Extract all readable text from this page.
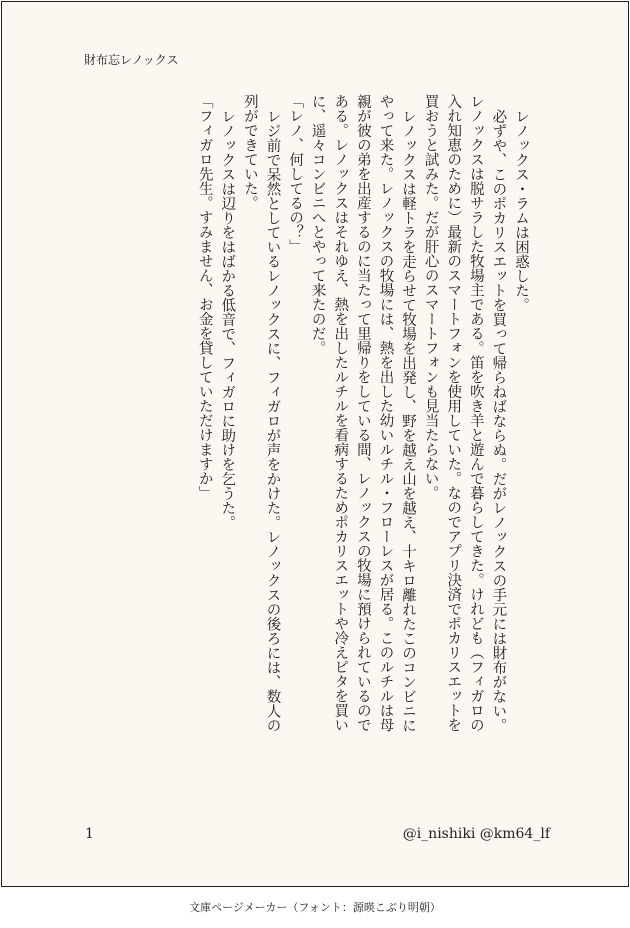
財布忘レノックス

レノックス・ラムは困惑した。

必ずや、このポカリスエットを買って帰らねばならぬ。だがレノックスの手元には財布がない。レノックスは脱サラした牧場主である。笛を吹き羊と遊んで暮らしてきた。けれども（フィガロの入れ知恵のために）最新のスマートフォンを使用していた。なのでアプリ決済でポカリスエットを買おうと試みた。だが肝心のスマートフォンも見当たらない。

レノックスは軽トラを走らせて牧場を出発し、野を越え山を越え、十キロ離れたこのコンビニにやって来た。レノックスの牧場には、熱を出した幼いルチル・フローレスが居る。このルチルは母親が彼の弟を出産するのに当たって里帰りをしている間、レノックスの牧場に預けられているのである。レノックスはそれゆえ、熱を出したルチルを看病するためポカリスエットや冷えピタを買いに、遥々コンビニへとやって来たのだ。

「レノ、何してるの？」

レジ前で呆然としているレノックスに、フィガロが声をかけた。レノックスの後ろには、数人の列ができていた。

レノックスは辺りをはばかる低音で、フィガロに助けを乞うた。

「フィガロ先生。すみません、お金を貸していただけますか」

1	@i_nishiki @km64_lf
文庫ページメーカー（フォント：源暎こぶり明朝）
